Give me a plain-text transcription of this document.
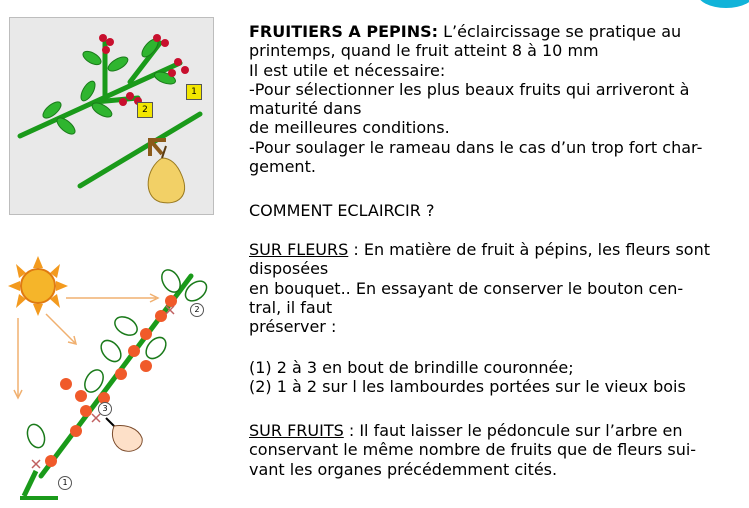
1
2
1
2
3
FRUITIERS A PEPINS: L’éclaircissage se pratique au
printemps, quand le fruit atteint 8 à 10 mm
Il est utile et nécessaire:
-Pour sélectionner les plus beaux fruits qui arriveront à
maturité dans
de meilleures conditions.
-Pour soulager le rameau dans le cas d’un trop fort char-
gement.
COMMENT ECLAIRCIR ?
SUR FLEURS : En matière de fruit à pépins, les fleurs sont
disposées
en bouquet.. En essayant de conserver le bouton cen-
tral, il faut
préserver :
(1) 2 à 3 en bout de brindille couronnée;
(2) 1 à 2 sur l les lambourdes portées sur le vieux bois
SUR FRUITS : Il faut laisser le pédoncule sur l’arbre en
conservant le même nombre de fruits que de fleurs sui-
vant les organes précédemment cités.
